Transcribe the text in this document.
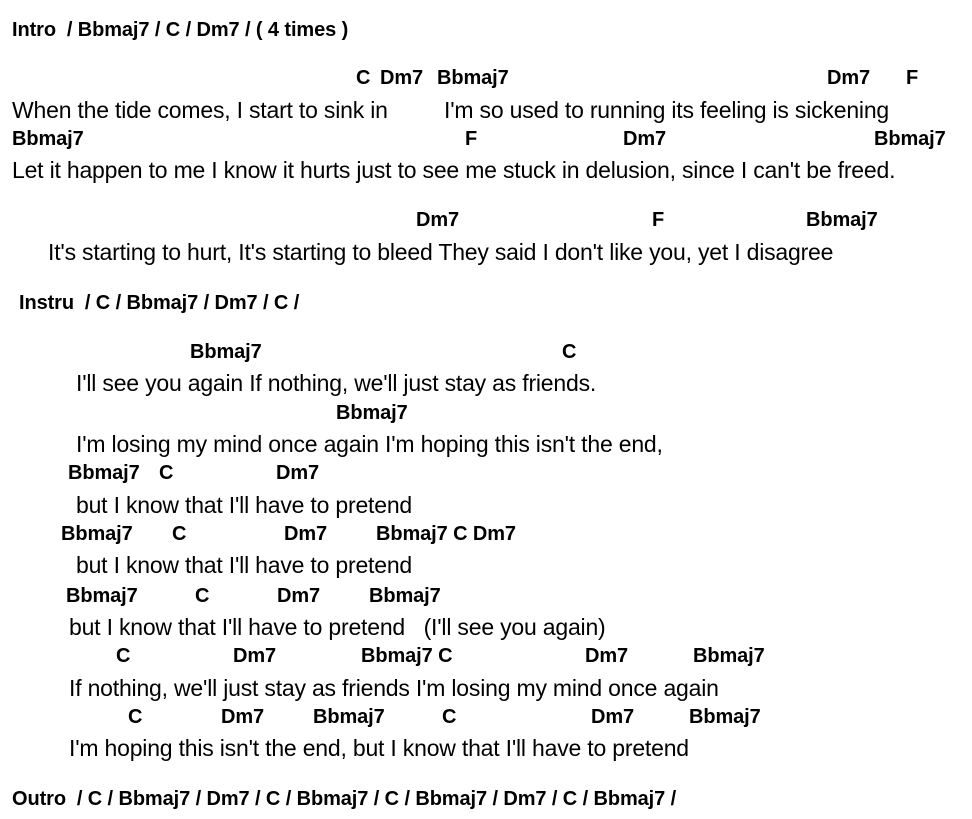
Intro  / Bbmaj7 / C / Dm7 / ( 4 times )
C Dm7 Bbmaj7	Dm7 F
When the tide comes, I start to sink in I'm so used to running its feeling is sickening
Bbmaj7	F	Dm7	Bbmaj7
Let it happen to me I know it hurts just to see me stuck in delusion, since I can't be freed.
Dm7	F	Bbmaj7
It's starting to hurt, It's starting to bleed They said I don't like you, yet I disagree
Instru  / C / Bbmaj7 / Dm7 / C /
Bbmaj7	C
I'll see you again If nothing, we'll just stay as friends.
Bbmaj7
I'm losing my mind once again I'm hoping this isn't the end,
Bbmaj7 C	Dm7
but I know that I'll have to pretend
Bbmaj7 C	Dm7 Bbmaj7 C Dm7
but I know that I'll have to pretend
Bbmaj7	C	Dm7 Bbmaj7
but I know that I'll have to pretend   (I'll see you again)
C	Dm7	Bbmaj7 C	Dm7	Bbmaj7
If nothing, we'll just stay as friends I'm losing my mind once again
C	Dm7 Bbmaj7	C	Dm7	Bbmaj7
I'm hoping this isn't the end, but I know that I'll have to pretend
Outro  / C / Bbmaj7 / Dm7 / C / Bbmaj7 / C / Bbmaj7 / Dm7 / C / Bbmaj7 /
